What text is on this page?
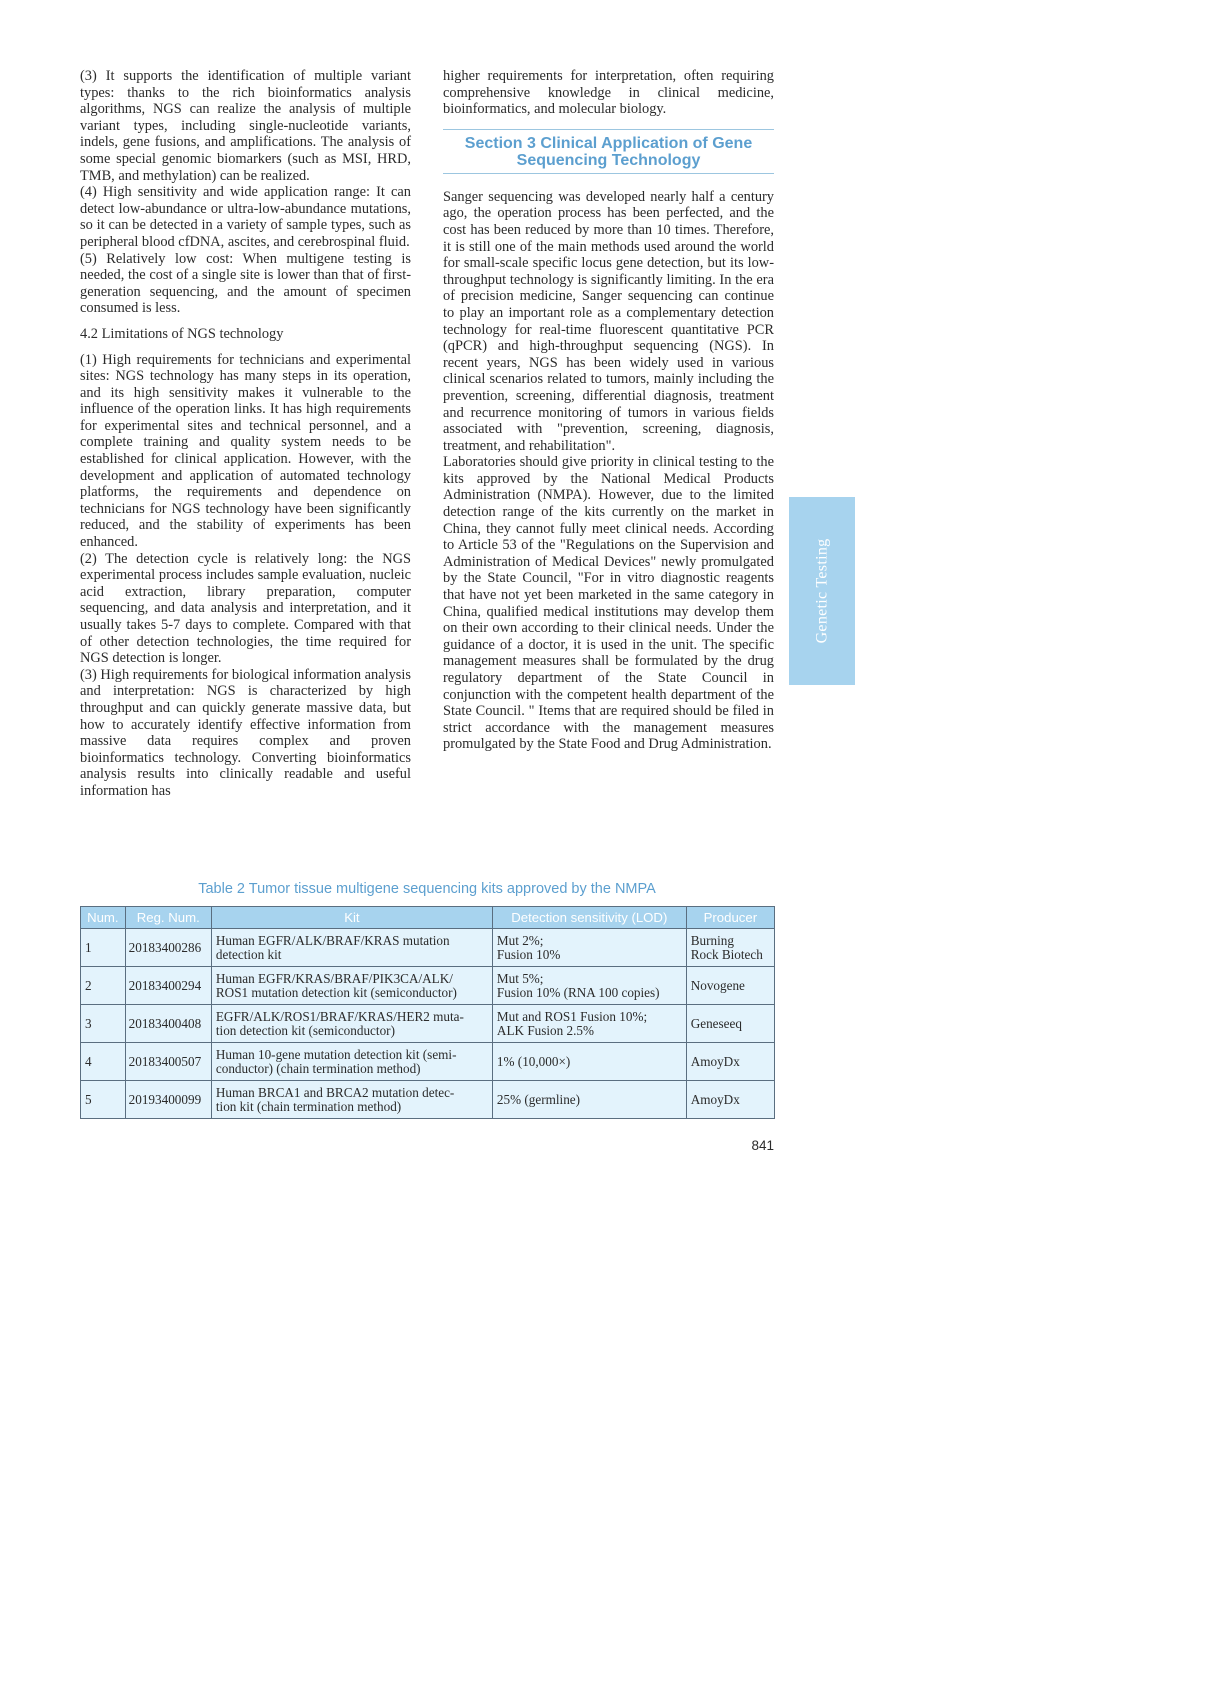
(3) It supports the identification of multiple variant types: thanks to the rich bioinformatics analysis algorithms, NGS can realize the analysis of multiple variant types, including single-nucleotide variants, indels, gene fusions, and amplifications. The analysis of some special genomic biomarkers (such as MSI, HRD, TMB, and methylation) can be realized.

(4) High sensitivity and wide application range: It can detect low-abundance or ultra-low-abundance mutations, so it can be detected in a variety of sample types, such as peripheral blood cfDNA, ascites, and cerebrospinal fluid.

(5) Relatively low cost: When multigene testing is needed, the cost of a single site is lower than that of first-generation sequencing, and the amount of specimen consumed is less.

4.2 Limitations of NGS technology

(1) High requirements for technicians and experimental sites: NGS technology has many steps in its operation, and its high sensitivity makes it vulnerable to the influence of the operation links. It has high requirements for experimental sites and technical personnel, and a complete training and quality system needs to be established for clinical application. However, with the development and application of automated technology platforms, the requirements and dependence on technicians for NGS technology have been significantly reduced, and the stability of experiments has been enhanced.

(2) The detection cycle is relatively long: the NGS experimental process includes sample evaluation, nucleic acid extraction, library preparation, computer sequencing, and data analysis and interpretation, and it usually takes 5-7 days to complete. Compared with that of other detection technologies, the time required for NGS detection is longer.

(3) High requirements for biological information analysis and interpretation: NGS is characterized by high throughput and can quickly generate massive data, but how to accurately identify effective information from massive data requires complex and proven bioinformatics technology. Converting bioinformatics analysis results into clinically readable and useful information has

higher requirements for interpretation, often requiring comprehensive knowledge in clinical medicine, bioinformatics, and molecular biology.

Section 3 Clinical Application of Gene
Sequencing Technology

Sanger sequencing was developed nearly half a century ago, the operation process has been perfected, and the cost has been reduced by more than 10 times. Therefore, it is still one of the main methods used around the world for small-scale specific locus gene detection, but its low-throughput technology is significantly limiting. In the era of precision medicine, Sanger sequencing can continue to play an important role as a complementary detection technology for real-time fluorescent quantitative PCR (qPCR) and high-throughput sequencing (NGS). In recent years, NGS has been widely used in various clinical scenarios related to tumors, mainly including the prevention, screening, differential diagnosis, treatment and recurrence monitoring of tumors in various fields associated with "prevention, screening, diagnosis, treatment, and rehabilitation".

Laboratories should give priority in clinical testing to the kits approved by the National Medical Products Administration (NMPA). However, due to the limited detection range of the kits currently on the market in China, they cannot fully meet clinical needs. According to Article 53 of the "Regulations on the Supervision and Administration of Medical Devices" newly promulgated by the State Council, "For in vitro diagnostic reagents that have not yet been marketed in the same category in China, qualified medical institutions may develop them on their own according to their clinical needs. Under the guidance of a doctor, it is used in the unit. The specific management measures shall be formulated by the drug regulatory department of the State Council in conjunction with the competent health department of the State Council. " Items that are required should be filed in strict accordance with the management measures promulgated by the State Food and Drug Administration.

Genetic Testing
Table 2 Tumor tissue multigene sequencing kits approved by the NMPA
Num.	Reg. Num.	Kit	Detection sensitivity (LOD)	Producer
1	20183400286	Human EGFR/ALK/BRAF/KRAS mutation
detection kit	Mut 2%;
Fusion 10%	Burning
Rock Biotech

2	20183400294	Human EGFR/KRAS/BRAF/PIK3CA/ALK/
ROS1 mutation detection kit (semiconductor)	Mut 5%;
Fusion 10% (RNA 100 copies)	Novogene

3	20183400408	EGFR/ALK/ROS1/BRAF/KRAS/HER2 muta-
tion detection kit (semiconductor)	Mut and ROS1 Fusion 10%;
ALK Fusion 2.5%	Geneseeq

4	20183400507	Human 10-gene mutation detection kit (semi-
conductor) (chain termination method)	1% (10,000×)	AmoyDx

5	20193400099	Human BRCA1 and BRCA2 mutation detec-
tion kit (chain termination method)	25% (germline)	AmoyDx
841
